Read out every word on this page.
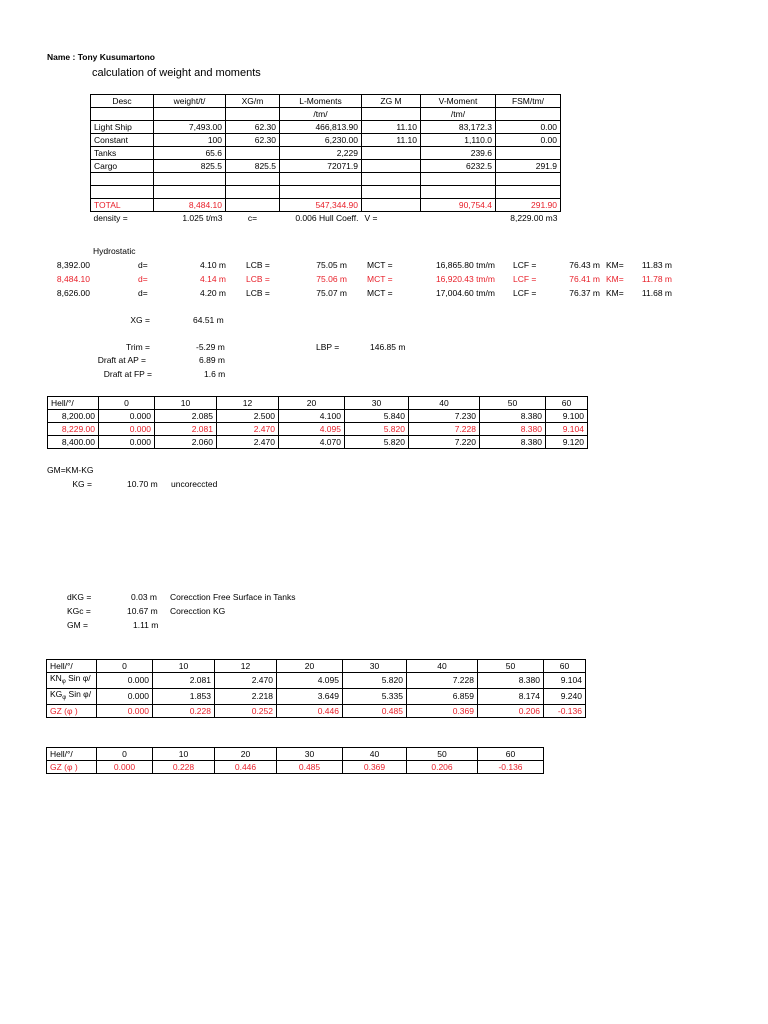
Name : Tony Kusumartono
calculation of weight and moments
Desc	weight/t/	XG/m	L-Moments	ZG M	V-Moment	FSM/tm/
			/tm/		/tm/	
Light Ship	7,493.00	62.30	466,813.90	11.10	83,172.3	0.00
Constant	100	62.30	6,230.00	11.10	1,110.0	0.00
Tanks	65.6		2,229		239.6	
Cargo	825.5	825.5	72071.9		6232.5	291.9

TOTAL	8,484.10		547,344.90		90,754.4	291.90
density =	1.025 t/m3	c=	0.006 Hull Coeff.	V =	8,229.00 m3	
Hydrostatic
8,392.00	d=	4.10 m LCB =	75.05 m MCT =	16,865.80 tm/m LCF =	76.43 m KM=	11.83 m
8,484.10	d=	4.14 m LCB =	75.06 m MCT =	16,920.43 tm/m LCF =	76.41 m KM=	11.78 m
8,626.00	d=	4.20 m LCB =	75.07 m MCT =	17,004.60 tm/m LCF =	76.37 m KM=	11.68 m
XG =	64.51 m
Trim =	-5.29 m	LBP =	146.85 m
Draft at AP =	6.89 m
Draft at FP =	1.6 m
Hell/°/	0	10	12	20	30	40	50	60
8,200.00	0.000	2.085	2.500	4.100	5.840	7.230	8.380	9.100
8,229.00	0.000	2.081	2.470	4.095	5.820	7.228	8.380	9.104
8,400.00	0.000	2.060	2.470	4.070	5.820	7.220	8.380	9.120
GM=KM-KG
KG =	10.70 m uncoreccted
dKG =	0.03 m Corecction Free Surface in Tanks
KGc =	10.67 m Corecction KG
GM =	1.11 m
Hell/°/	0	10	12	20	30	40	50	60
$KN_\varphi$ Sin φ/	0.000	2.081	2.470	4.095	5.820	7.228	8.380	9.104
$KG_\varphi$ Sin φ/	0.000	1.853	2.218	3.649	5.335	6.859	8.174	9.240
GZ (φ )	0.000	0.228	0.252	0.446	0.485	0.369	0.206	-0.136
Hell/°/	0	10	20	30	40	50	60
GZ (φ )	0.000	0.228	0.446	0.485	0.369	0.206	-0.136
